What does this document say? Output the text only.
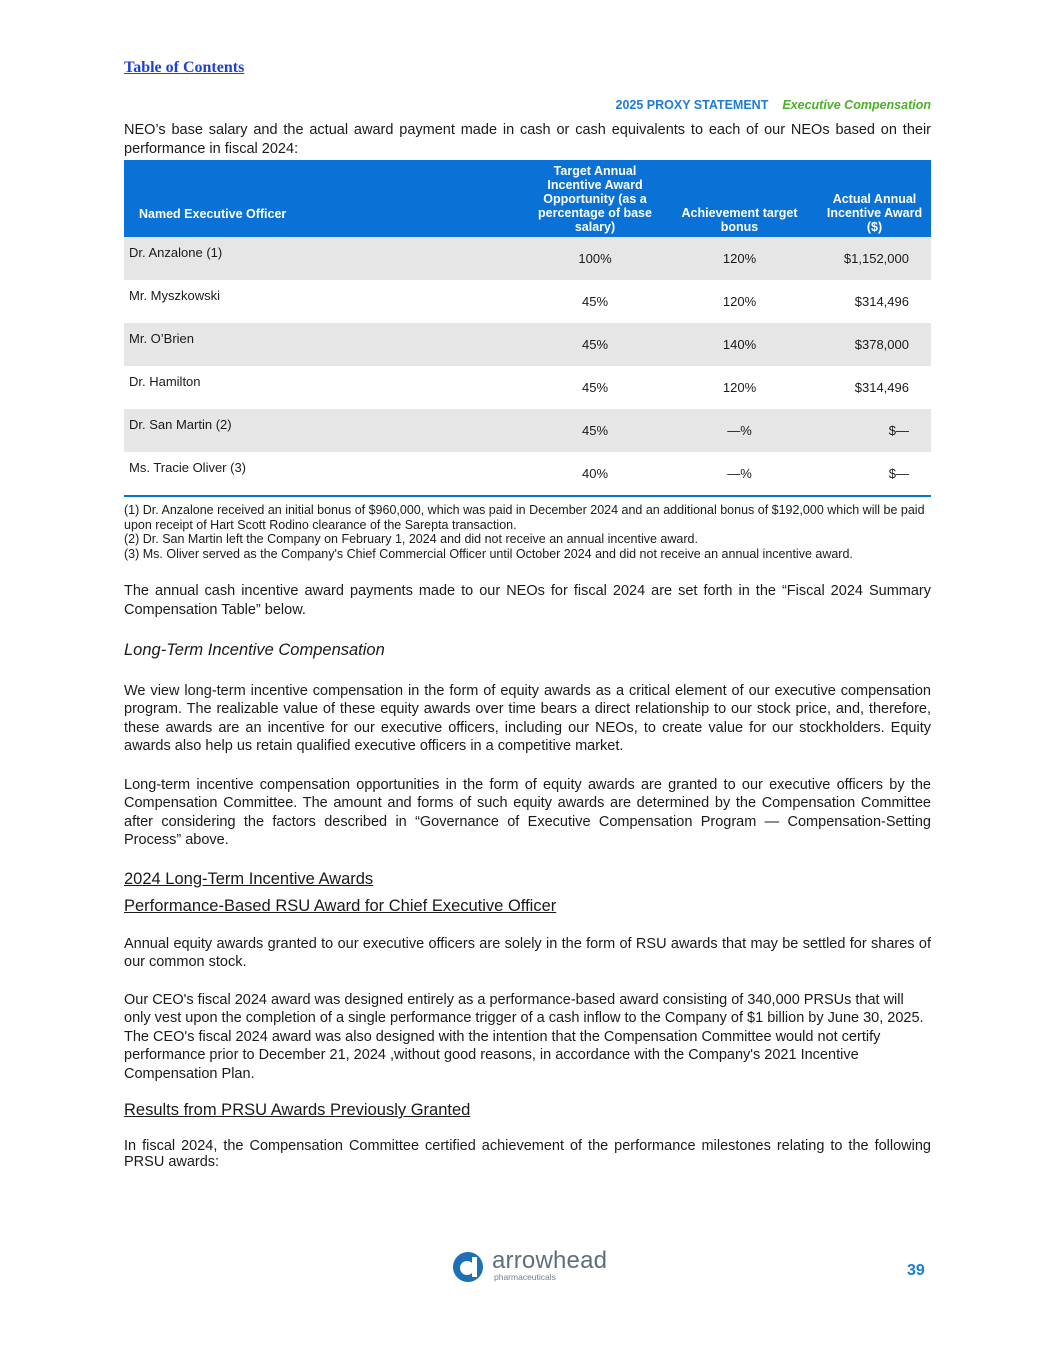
Table of Contents
2025 PROXY STATEMENT Executive Compensation

NEO’s base salary and the actual award payment made in cash or cash equivalents to each of our NEOs based on their performance in fiscal 2024:

Named Executive Officer	Target Annual Incentive Award Opportunity (as a percentage of base salary)	Achievement target bonus	Actual Annual Incentive Award ($)
Dr. Anzalone (1)	100%	120%	$1,152,000
Mr. Myszkowski	45%	120%	$314,496
Mr. O’Brien	45%	140%	$378,000
Dr. Hamilton	45%	120%	$314,496
Dr. San Martin (2)	45%	—%	$—
Ms. Tracie Oliver (3)	40%	—%	$—
(1) Dr. Anzalone received an initial bonus of $960,000, which was paid in December 2024 and an additional bonus of $192,000 which will be paid upon receipt of Hart Scott Rodino clearance of the Sarepta transaction.
(2) Dr. San Martin left the Company on February 1, 2024 and did not receive an annual incentive award.
(3) Ms. Oliver served as the Company's Chief Commercial Officer until October 2024 and did not receive an annual incentive award.

The annual cash incentive award payments made to our NEOs for fiscal 2024 are set forth in the “Fiscal 2024 Summary Compensation Table” below.

Long-Term Incentive Compensation

We view long-term incentive compensation in the form of equity awards as a critical element of our executive compensation program. The realizable value of these equity awards over time bears a direct relationship to our stock price, and, therefore, these awards are an incentive for our executive officers, including our NEOs, to create value for our stockholders. Equity awards also help us retain qualified executive officers in a competitive market.

Long-term incentive compensation opportunities in the form of equity awards are granted to our executive officers by the Compensation Committee. The amount and forms of such equity awards are determined by the Compensation Committee after considering the factors described in “Governance of Executive Compensation Program — Compensation-Setting Process” above.

2024 Long-Term Incentive Awards
Performance-Based RSU Award for Chief Executive Officer

Annual equity awards granted to our executive officers are solely in the form of RSU awards that may be settled for shares of our common stock.

Our CEO's fiscal 2024 award was designed entirely as a performance-based award consisting of 340,000 PRSUs that will only vest upon the completion of a single performance trigger of a cash inflow to the Company of $1 billion by June 30, 2025. The CEO's fiscal 2024 award was also designed with the intention that the Compensation Committee would not certify performance prior to December 21, 2024 ,without good reasons, in accordance with the Company's 2021 Incentive Compensation Plan.

Results from PRSU Awards Previously Granted

In fiscal 2024, the Compensation Committee certified achievement of the performance milestones relating to the following PRSU awards:

arrowhead
pharmaceuticals	39
